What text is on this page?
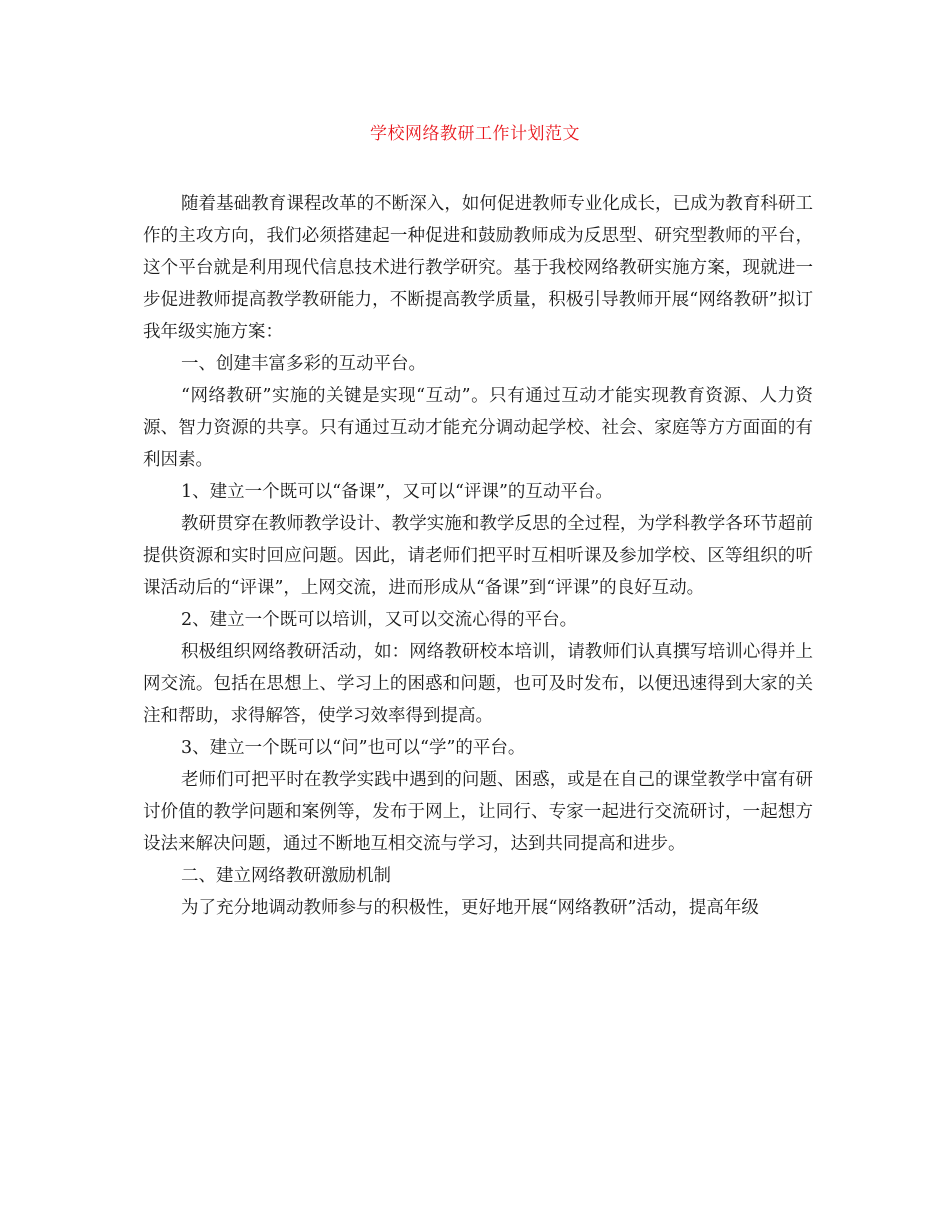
学校网络教研工作计划范文

随着基础教育课程改革的不断深入，如何促进教师专业化成长，已成为教育科研工作的主攻方向，我们必须搭建起一种促进和鼓励教师成为反思型、研究型教师的平台，这个平台就是利用现代信息技术进行教学研究。基于我校网络教研实施方案，现就进一步促进教师提高教学教研能力，不断提高教学质量，积极引导教师开展“网络教研”拟订我年级实施方案：

一、创建丰富多彩的互动平台。

“网络教研”实施的关键是实现“互动”。只有通过互动才能实现教育资源、人力资源、智力资源的共享。只有通过互动才能充分调动起学校、社会、家庭等方方面面的有利因素。

1、建立一个既可以“备课”，又可以“评课”的互动平台。

教研贯穿在教师教学设计、教学实施和教学反思的全过程，为学科教学各环节超前提供资源和实时回应问题。因此，请老师们把平时互相听课及参加学校、区等组织的听课活动后的“评课”，上网交流，进而形成从“备课”到“评课”的良好互动。

2、建立一个既可以培训，又可以交流心得的平台。

积极组织网络教研活动，如：网络教研校本培训，请教师们认真撰写培训心得并上网交流。包括在思想上、学习上的困惑和问题，也可及时发布，以便迅速得到大家的关注和帮助，求得解答，使学习效率得到提高。

3、建立一个既可以“问”也可以“学”的平台。

老师们可把平时在教学实践中遇到的问题、困惑，或是在自己的课堂教学中富有研讨价值的教学问题和案例等，发布于网上，让同行、专家一起进行交流研讨，一起想方设法来解决问题，通过不断地互相交流与学习，达到共同提高和进步。

二、建立网络教研激励机制

为了充分地调动教师参与的积极性，更好地开展“网络教研”活动，提高年级
